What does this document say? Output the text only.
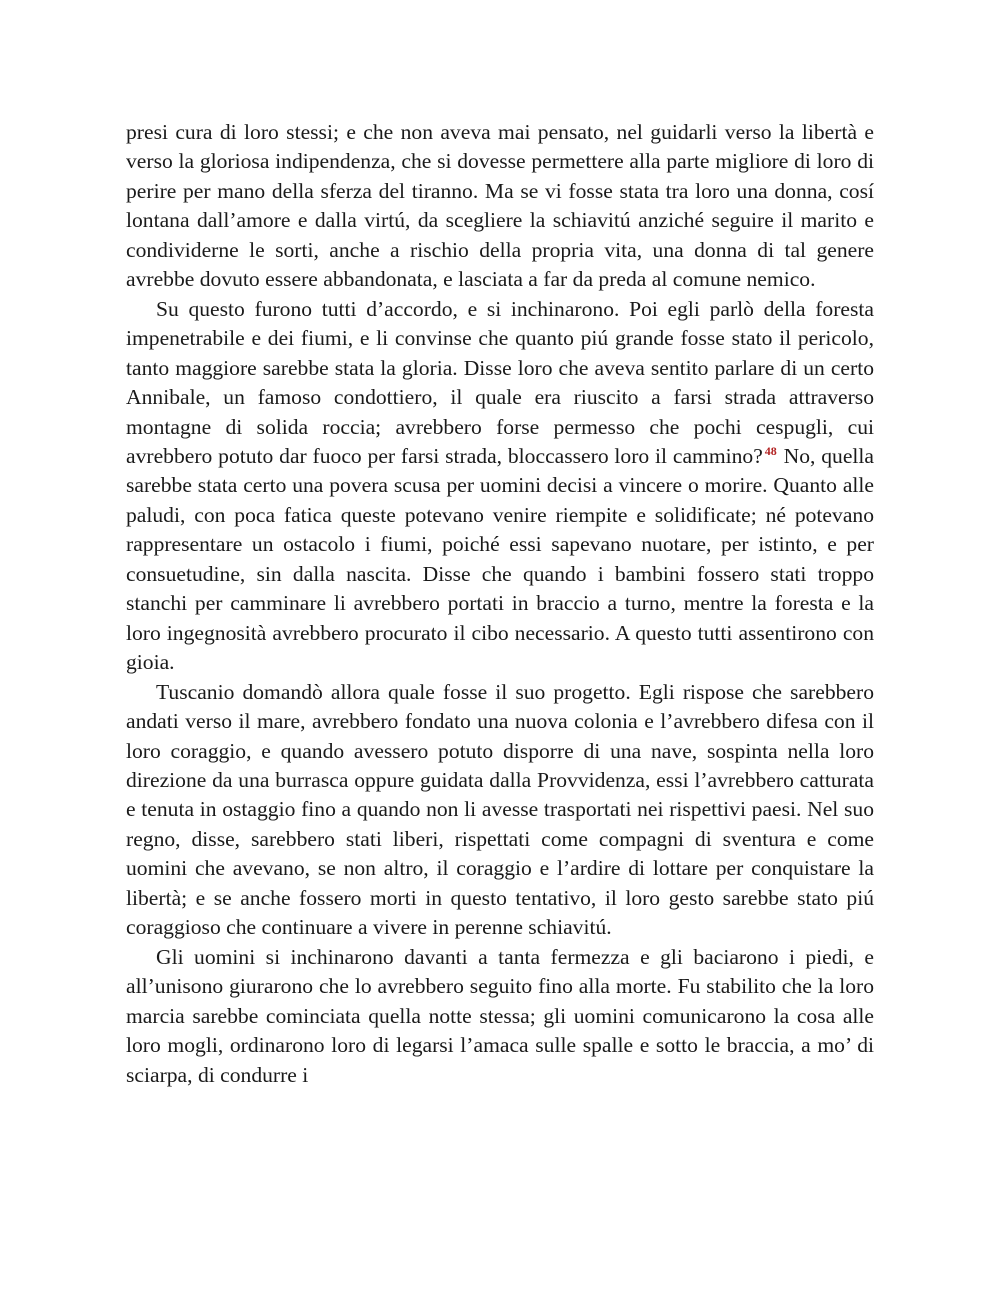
presi cura di loro stessi; e che non aveva mai pensato, nel guidarli verso la libertà e verso la gloriosa indipendenza, che si dovesse permettere alla parte migliore di loro di perire per mano della sferza del tiranno. Ma se vi fosse stata tra loro una donna, cosí lontana dall’amore e dalla virtú, da scegliere la schiavitú anziché seguire il marito e condividerne le sorti, anche a rischio della propria vita, una donna di tal genere avrebbe dovuto essere abbandonata, e lasciata a far da preda al comune nemico.

Su questo furono tutti d’accordo, e si inchinarono. Poi egli parlò della foresta impenetrabile e dei fiumi, e li convinse che quanto piú grande fosse stato il pericolo, tanto maggiore sarebbe stata la gloria. Disse loro che aveva sentito parlare di un certo Annibale, un famoso condottiero, il quale era riuscito a farsi strada attraverso montagne di solida roccia; avrebbero forse permesso che pochi cespugli, cui avrebbero potuto dar fuoco per farsi strada, bloccassero loro il cammino? $^{48}$ No, quella sarebbe stata certo una povera scusa per uomini decisi a vincere o morire. Quanto alle paludi, con poca fatica queste potevano venire riempite e solidificate; né potevano rappresentare un ostacolo i fiumi, poiché essi sapevano nuotare, per istinto, e per consuetudine, sin dalla nascita. Disse che quando i bambini fossero stati troppo stanchi per camminare li avrebbero portati in braccio a turno, mentre la foresta e la loro ingegnosità avrebbero procurato il cibo necessario. A questo tutti assentirono con gioia.

Tuscanio domandò allora quale fosse il suo progetto. Egli rispose che sarebbero andati verso il mare, avrebbero fondato una nuova colonia e l’avrebbero difesa con il loro coraggio, e quando avessero potuto disporre di una nave, sospinta nella loro direzione da una burrasca oppure guidata dalla Provvidenza, essi l’avrebbero catturata e tenuta in ostaggio fino a quando non li avesse trasportati nei rispettivi paesi. Nel suo regno, disse, sarebbero stati liberi, rispettati come compagni di sventura e come uomini che avevano, se non altro, il coraggio e l’ardire di lottare per conquistare la libertà; e se anche fossero morti in questo tentativo, il loro gesto sarebbe stato piú coraggioso che continuare a vivere in perenne schiavitú.

Gli uomini si inchinarono davanti a tanta fermezza e gli baciarono i piedi, e all’unisono giurarono che lo avrebbero seguito fino alla morte. Fu stabilito che la loro marcia sarebbe cominciata quella notte stessa; gli uomini comunicarono la cosa alle loro mogli, ordinarono loro di legarsi l’amaca sulle spalle e sotto le braccia, a mo’ di sciarpa, di condurre i
